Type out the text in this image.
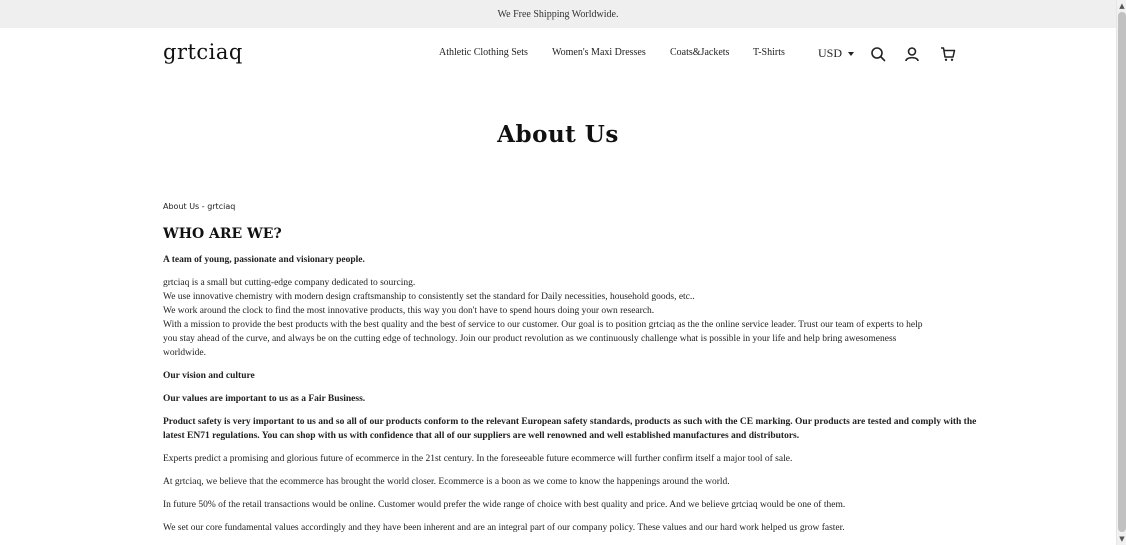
We Free Shipping Worldwide.
grtciaq	Athletic Clothing Sets Women's Maxi Dresses Coats&Jackets T-Shirts	USD
About Us
About Us - grtciaq
WHO ARE WE?
A team of young, passionate and visionary people.
grtciaq is a small but cutting-edge company dedicated to sourcing.
We use innovative chemistry with modern design craftsmanship to consistently set the standard for Daily necessities, household goods, etc..
We work around the clock to find the most innovative products, this way you don't have to spend hours doing your own research.
With a mission to provide the best products with the best quality and the best of service to our customer. Our goal is to position grtciaq as the the online service leader. Trust our team of experts to help
you stay ahead of the curve, and always be on the cutting edge of technology. Join our product revolution as we continuously challenge what is possible in your life and help bring awesomeness
worldwide.
Our vision and culture
Our values are important to us as a Fair Business.
Product safety is very important to us and so all of our products conform to the relevant European safety standards, products as such with the CE marking. Our products are tested and comply with the
latest EN71 regulations. You can shop with us with confidence that all of our suppliers are well renowned and well established manufactures and distributors.
Experts predict a promising and glorious future of ecommerce in the 21st century. In the foreseeable future ecommerce will further confirm itself a major tool of sale.
At grtciaq, we believe that the ecommerce has brought the world closer. Ecommerce is a boon as we come to know the happenings around the world.
In future 50% of the retail transactions would be online. Customer would prefer the wide range of choice with best quality and price. And we believe grtciaq would be one of them.
We set our core fundamental values accordingly and they have been inherent and are an integral part of our company policy. These values and our hard work helped us grow faster.
▲
▼
